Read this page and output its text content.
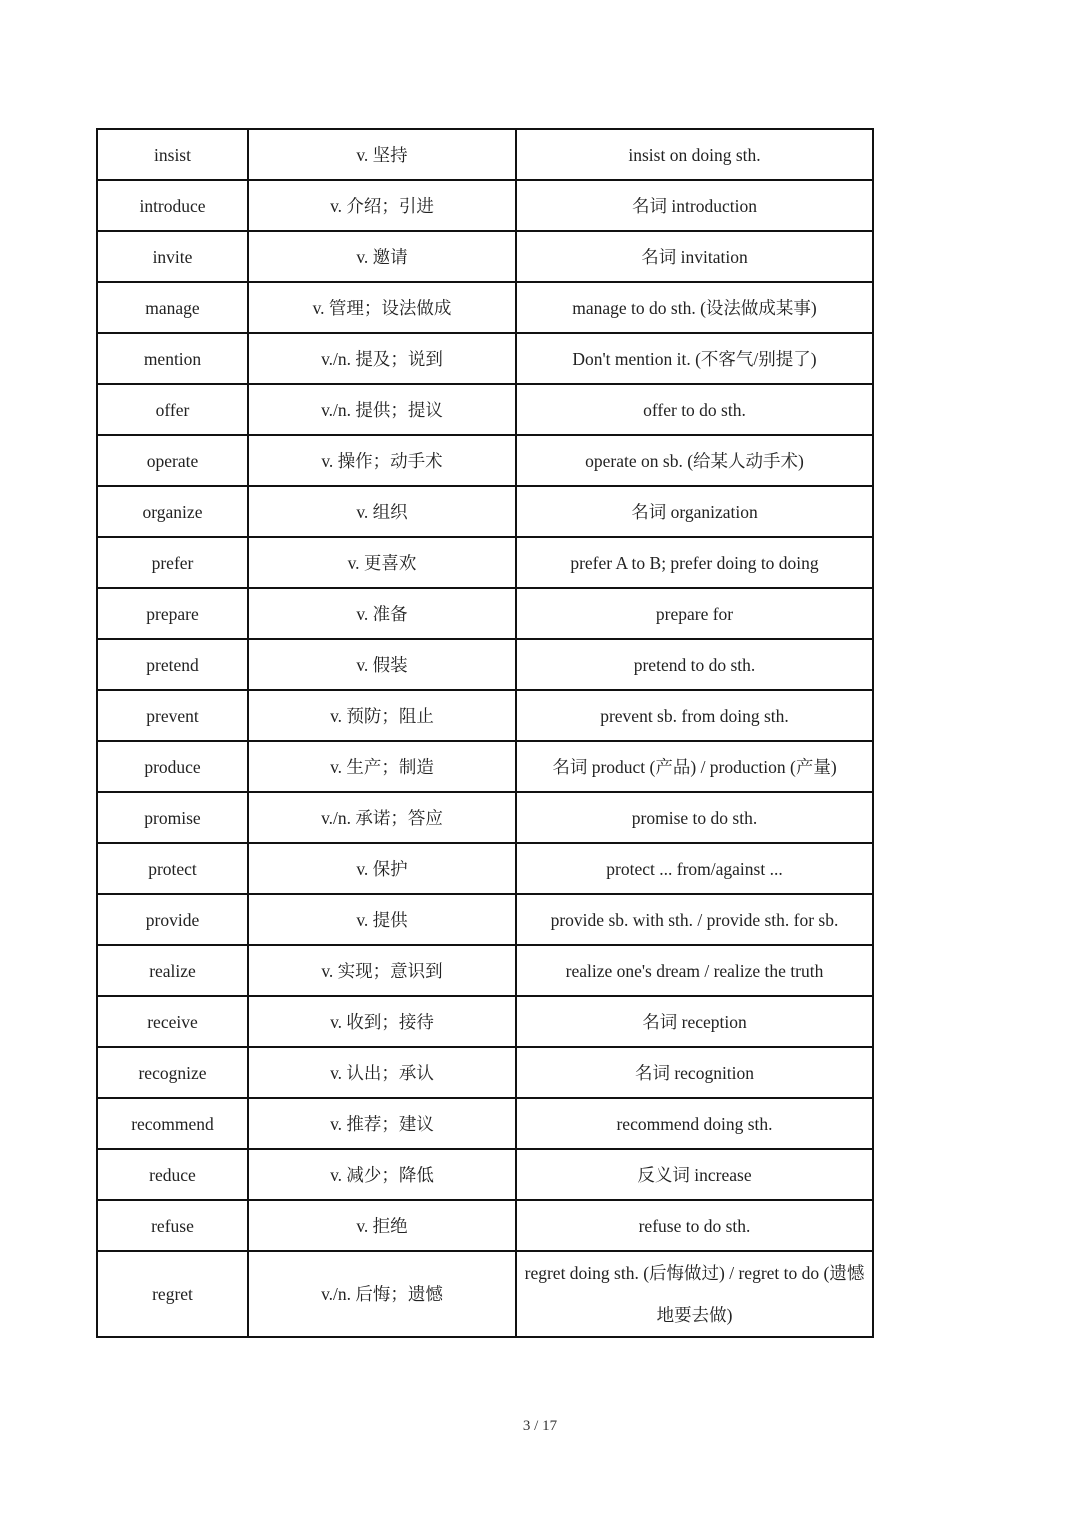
insist	v. 坚持	insist on doing sth.
introduce	v. 介绍；引进	名词 introduction
invite	v. 邀请	名词 invitation
manage	v. 管理；设法做成	manage to do sth. (设法做成某事)
mention	v./n. 提及；说到	Don't mention it. (不客气/别提了)
offer	v./n. 提供；提议	offer to do sth.
operate	v. 操作；动手术	operate on sb. (给某人动手术)
organize	v. 组织	名词 organization
prefer	v. 更喜欢	prefer A to B; prefer doing to doing
prepare	v. 准备	prepare for
pretend	v. 假装	pretend to do sth.
prevent	v. 预防；阻止	prevent sb. from doing sth.
produce	v. 生产；制造	名词 product (产品) / production (产量)
promise	v./n. 承诺；答应	promise to do sth.
protect	v. 保护	protect ... from/against ...
provide	v. 提供	provide sb. with sth. / provide sth. for sb.
realize	v. 实现；意识到	realize one's dream / realize the truth
receive	v. 收到；接待	名词 reception
recognize	v. 认出；承认	名词 recognition
recommend	v. 推荐；建议	recommend doing sth.
reduce	v. 减少；降低	反义词 increase
refuse	v. 拒绝	refuse to do sth.
regret	v./n. 后悔；遗憾	regret doing sth. (后悔做过) / regret to do (遗憾地要去做)
3 / 17
